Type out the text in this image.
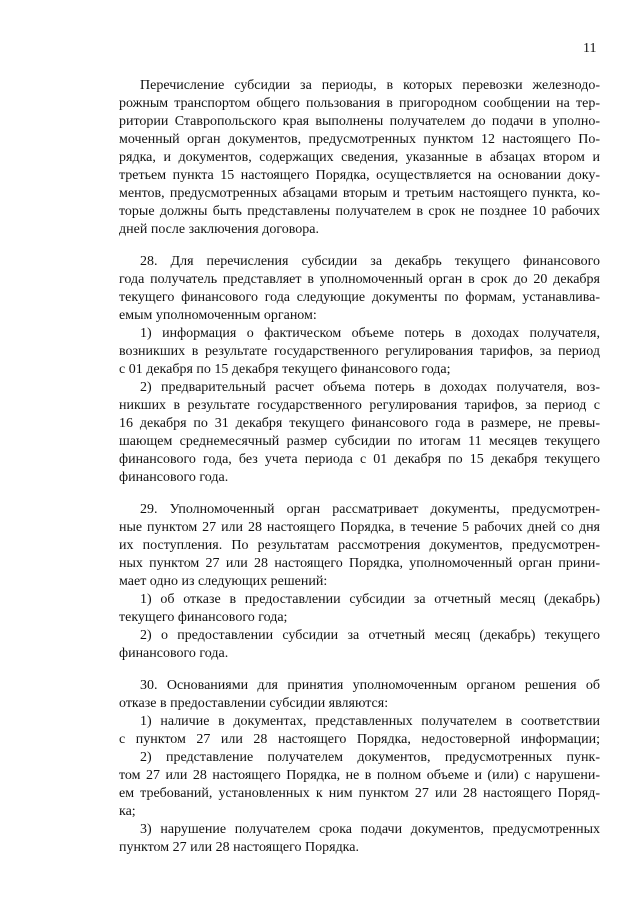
11
Перечисление субсидии за периоды, в которых перевозки железнодо-
рожным транспортом общего пользования в пригородном сообщении на тер-
ритории Ставропольского края выполнены получателем до подачи в уполно-
моченный орган документов, предусмотренных пунктом 12 настоящего По-
рядка, и документов, содержащих сведения, указанные в абзацах втором и
третьем пункта 15 настоящего Порядка, осуществляется на основании доку-
ментов, предусмотренных абзацами вторым и третьим настоящего пункта, ко-
торые должны быть представлены получателем в срок не позднее 10 рабочих
дней после заключения договора.
28. Для перечисления субсидии за декабрь текущего финансового
года получатель представляет в уполномоченный орган в срок до 20 декабря
текущего финансового года следующие документы по формам, устанавлива-
емым уполномоченным органом:
1) информация о фактическом объеме потерь в доходах получателя,
возникших в результате государственного регулирования тарифов, за период
с 01 декабря по 15 декабря текущего финансового года;
2) предварительный расчет объема потерь в доходах получателя, воз-
никших в результате государственного регулирования тарифов, за период с
16 декабря по 31 декабря текущего финансового года в размере, не превы-
шающем среднемесячный размер субсидии по итогам 11 месяцев текущего
финансового года, без учета периода с 01 декабря по 15 декабря текущего
финансового года.
29. Уполномоченный орган рассматривает документы, предусмотрен-
ные пунктом 27 или 28 настоящего Порядка, в течение 5 рабочих дней со дня
их поступления. По результатам рассмотрения документов, предусмотрен-
ных пунктом 27 или 28 настоящего Порядка, уполномоченный орган прини-
мает одно из следующих решений:
1) об отказе в предоставлении субсидии за отчетный месяц (декабрь)
текущего финансового года;
2) о предоставлении субсидии за отчетный месяц (декабрь) текущего
финансового года.
30. Основаниями для принятия уполномоченным органом решения об
отказе в предоставлении субсидии являются:
1) наличие в документах, представленных получателем в соответствии
с пунктом 27 или 28 настоящего Порядка, недостоверной информации;
2) представление получателем документов, предусмотренных пунк-
том 27 или 28 настоящего Порядка, не в полном объеме и (или) с нарушени-
ем требований, установленных к ним пунктом 27 или 28 настоящего Поряд-
ка;
3) нарушение получателем срока подачи документов, предусмотренных
пунктом 27 или 28 настоящего Порядка.
